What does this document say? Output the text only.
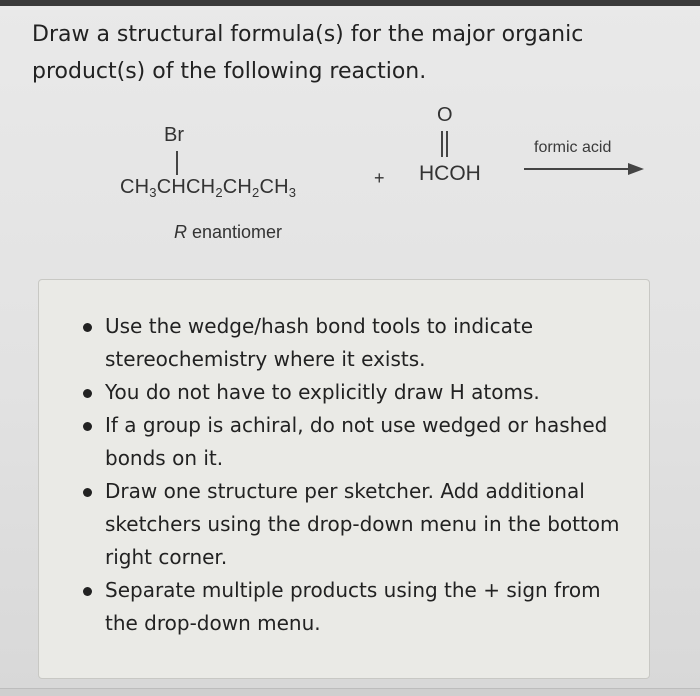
Draw a structural formula(s) for the major organic
product(s) of the following reaction.
Br
$CH_3CHCH_2CH_2CH_3$
R enantiomer
+
O
HCOH
formic acid
Use the wedge/hash bond tools to indicate stereochemistry where it exists.
You do not have to explicitly draw H atoms.
If a group is achiral, do not use wedged or hashed bonds on it.
Draw one structure per sketcher. Add additional sketchers using the drop-down menu in the bottom right corner.
Separate multiple products using the + sign from the drop-down menu.
